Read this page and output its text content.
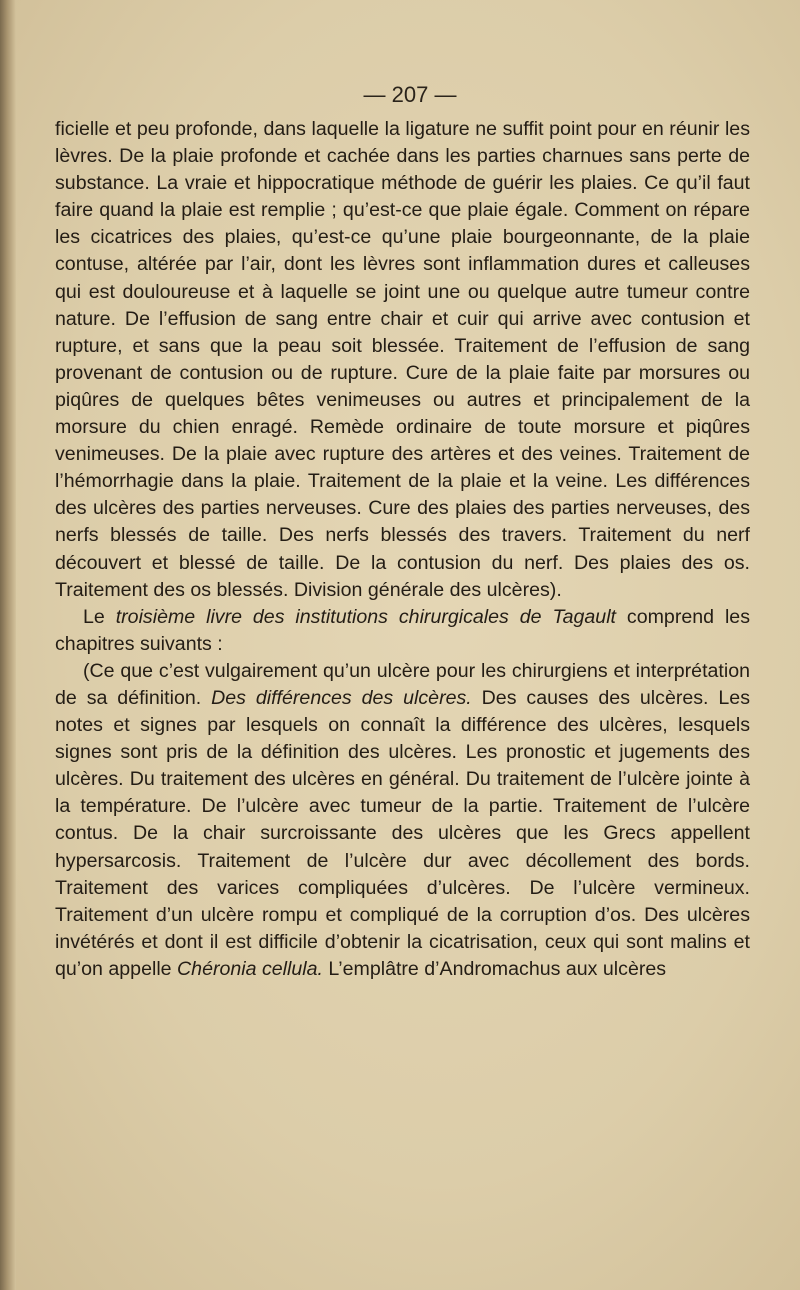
— 207 —

ficielle et peu profonde, dans laquelle la ligature ne suffit point pour en réunir les lèvres. De la plaie profonde et cachée dans les parties charnues sans perte de substance. La vraie et hippocratique méthode de guérir les plaies. Ce qu’il faut faire quand la plaie est remplie ; qu’est-ce que plaie égale. Comment on répare les cicatrices des plaies, qu’est-ce qu’une plaie bourgeonnante, de la plaie contuse, altérée par l’air, dont les lèvres sont inflammation dures et calleuses qui est douloureuse et à laquelle se joint une ou quelque autre tumeur contre nature. De l’effusion de sang entre chair et cuir qui arrive avec contusion et rupture, et sans que la peau soit blessée. Traitement de l’effusion de sang provenant de contusion ou de rupture. Cure de la plaie faite par morsures ou piqûres de quelques bêtes venimeuses ou autres et principalement de la morsure du chien enragé. Remède ordinaire de toute morsure et piqûres venimeuses. De la plaie avec rupture des artères et des veines. Traitement de l’hémorrhagie dans la plaie. Traitement de la plaie et la veine. Les différences des ulcères des parties nerveuses. Cure des plaies des parties nerveuses, des nerfs blessés de taille. Des nerfs blessés des travers. Traitement du nerf découvert et blessé de taille. De la contusion du nerf. Des plaies des os. Traitement des os blessés. Division générale des ulcères).

Le troisième livre des institutions chirurgicales de Tagault comprend les chapitres suivants :

(Ce que c’est vulgairement qu’un ulcère pour les chirurgiens et interprétation de sa définition. Des différences des ulcères. Des causes des ulcères. Les notes et signes par lesquels on connaît la différence des ulcères, lesquels signes sont pris de la définition des ulcères. Les pronostic et jugements des ulcères. Du traitement des ulcères en général. Du traitement de l’ulcère jointe à la température. De l’ulcère avec tumeur de la partie. Traitement de l’ulcère contus. De la chair surcroissante des ulcères que les Grecs appellent hypersarcosis. Traitement de l’ulcère dur avec décollement des bords. Traitement des varices compliquées d’ulcères. De l’ulcère vermineux. Traitement d’un ulcère rompu et compliqué de la corruption d’os. Des ulcères invétérés et dont il est difficile d’obtenir la cicatrisation, ceux qui sont malins et qu’on appelle Chéronia cellula. L’emplâtre d’Andromachus aux ulcères
